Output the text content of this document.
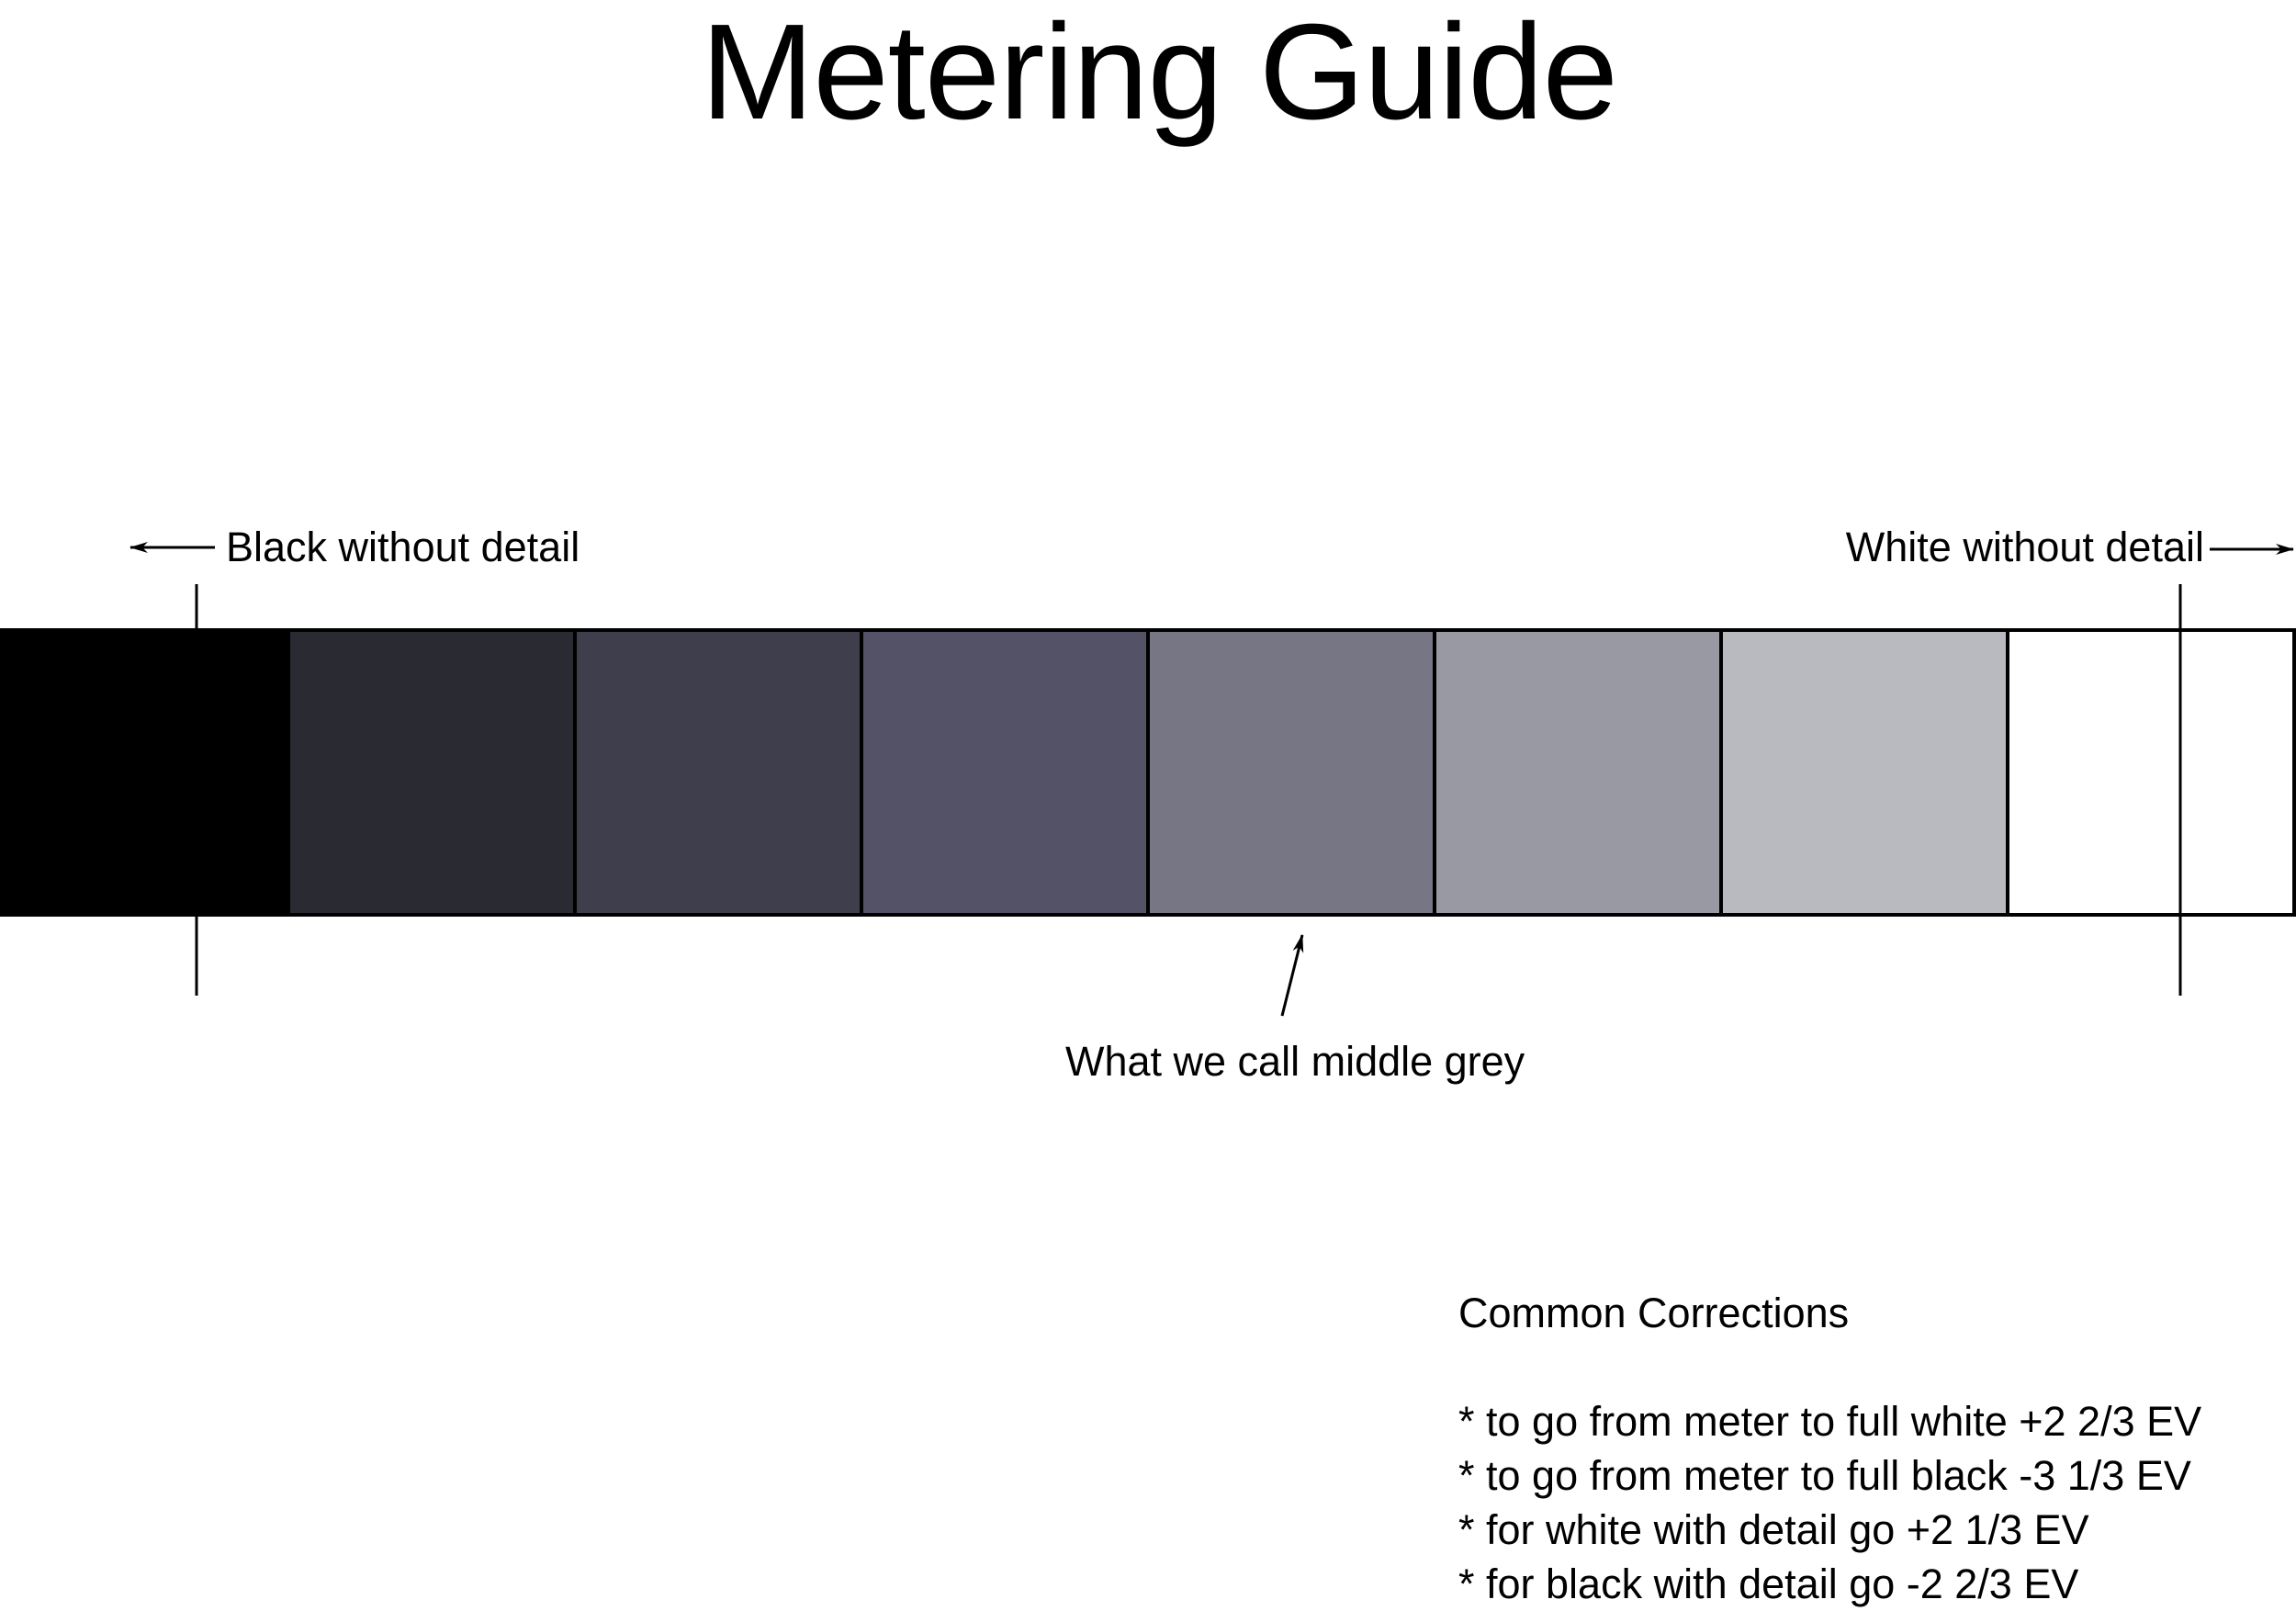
Metering Guide
Black without detail	White without detail
What we call middle grey

Common Corrections

* to go from meter to full white +2 2/3 EV
* to go from meter to full black -3 1/3 EV
* for white with detail go +2 1/3 EV
* for black with detail go -2 2/3 EV
